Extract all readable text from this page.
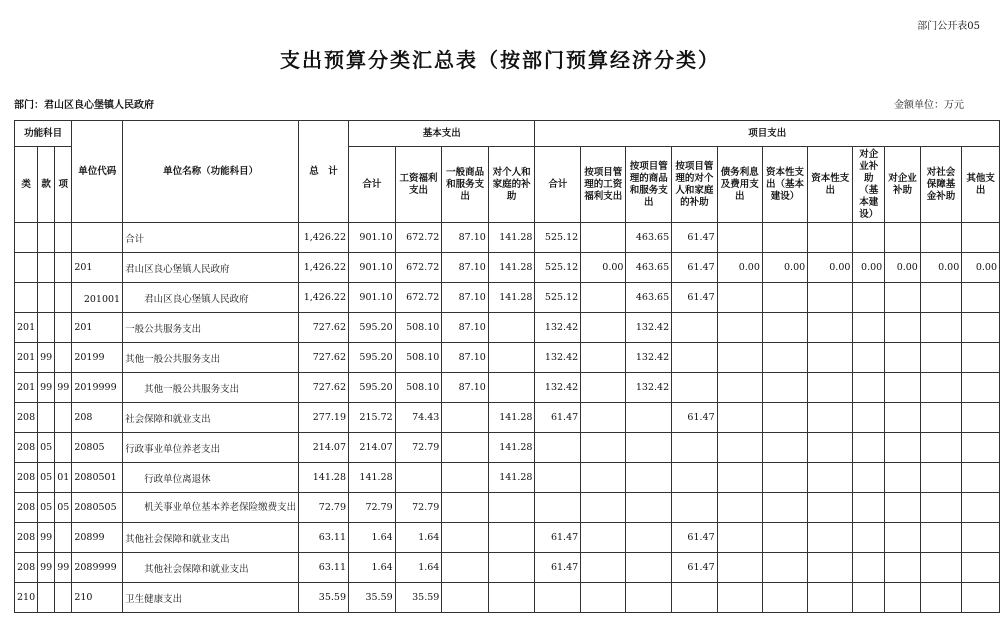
部门公开表05
支出预算分类汇总表（按部门预算经济分类）
部门：君山区良心堡镇人民政府	金额单位：万元
功能科目			单位代码	单位名称（功能科目）	总　计	基本支出				项目支出										
类	款	项				合计	工资福利支出	一般商品和服务支出	对个人和家庭的补助	合计	按项目管理的工资福利支出	按项目管理的商品和服务支出	按项目管理的对个人和家庭的补助	债务利息及费用支出	资本性支出（基本建设）	资本性支出	对企业补助（基本建设）	对企业补助	对社会保障基金补助	其他支出
				合计	1,426.22	901.10	672.72	87.10	141.28	525.12		463.65	61.47							
			201	君山区良心堡镇人民政府	1,426.22	901.10	672.72	87.10	141.28	525.12	0.00	463.65	61.47	0.00	0.00	0.00	0.00	0.00	0.00	0.00
			　201001	　　君山区良心堡镇人民政府	1,426.22	901.10	672.72	87.10	141.28	525.12		463.65	61.47							
201			201	一般公共服务支出	727.62	595.20	508.10	87.10		132.42		132.42								
201	99		20199	其他一般公共服务支出	727.62	595.20	508.10	87.10		132.42		132.42								
201	99	99	2019999	　　其他一般公共服务支出	727.62	595.20	508.10	87.10		132.42		132.42								
208			208	社会保障和就业支出	277.19	215.72	74.43		141.28	61.47			61.47							
208	05		20805	行政事业单位养老支出	214.07	214.07	72.79		141.28											
208	05	01	2080501	　　行政单位离退休	141.28	141.28			141.28											
208	05	05	2080505	　　机关事业单位基本养老保险缴费支出	72.79	72.79	72.79													
208	99		20899	其他社会保障和就业支出	63.11	1.64	1.64			61.47			61.47							
208	99	99	2089999	　　其他社会保障和就业支出	63.11	1.64	1.64			61.47			61.47							
210			210	卫生健康支出	35.59	35.59	35.59													
